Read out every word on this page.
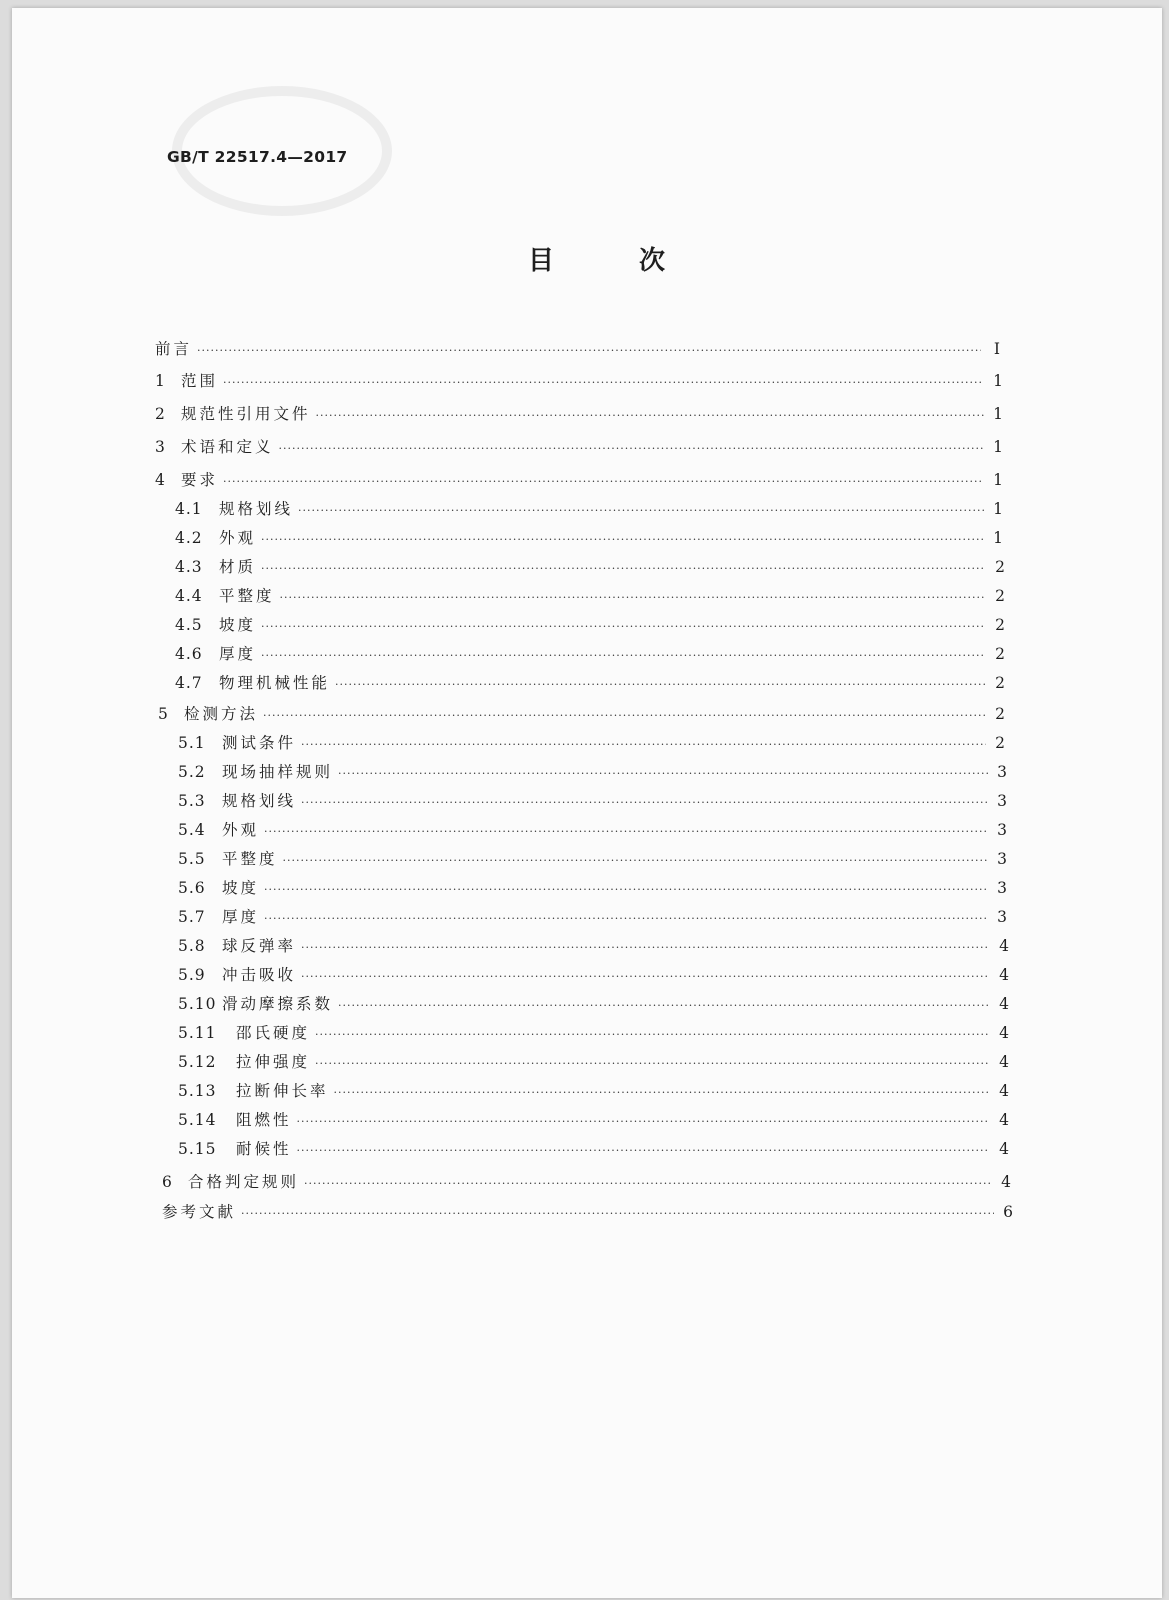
GB/T 22517.4—2017
目 次
前言 ·····	Ⅰ
1 范围 ·····	1
2 规范性引用文件 ·····	1
3 术语和定义 ·····	1
4 要求 ·····	1
4.1	规格划线 ·····	1
4.2	外观 ·····	1
4.3	材质 ·····	2
4.4	平整度 ·····	2
4.5	坡度 ·····	2
4.6	厚度 ·····	2
4.7	物理机械性能 ·····	2
5 检测方法 ·····	2
5.1	测试条件 ·····	2
5.2	现场抽样规则 ·····	3
5.3	规格划线 ·····	3
5.4	外观 ·····	3
5.5	平整度 ·····	3
5.6	坡度 ·····	3
5.7	厚度 ·····	3
5.8	球反弹率 ·····	4
5.9	冲击吸收 ·····	4
5.10 滑动摩擦系数 ·····	4
5.11	邵氏硬度 ·····	4
5.12	拉伸强度 ·····	4
5.13	拉断伸长率 ·····	4
5.14	阻燃性 ·····	4
5.15	耐候性 ·····	4
6 合格判定规则 ·····	4
参考文献 ·····	6
